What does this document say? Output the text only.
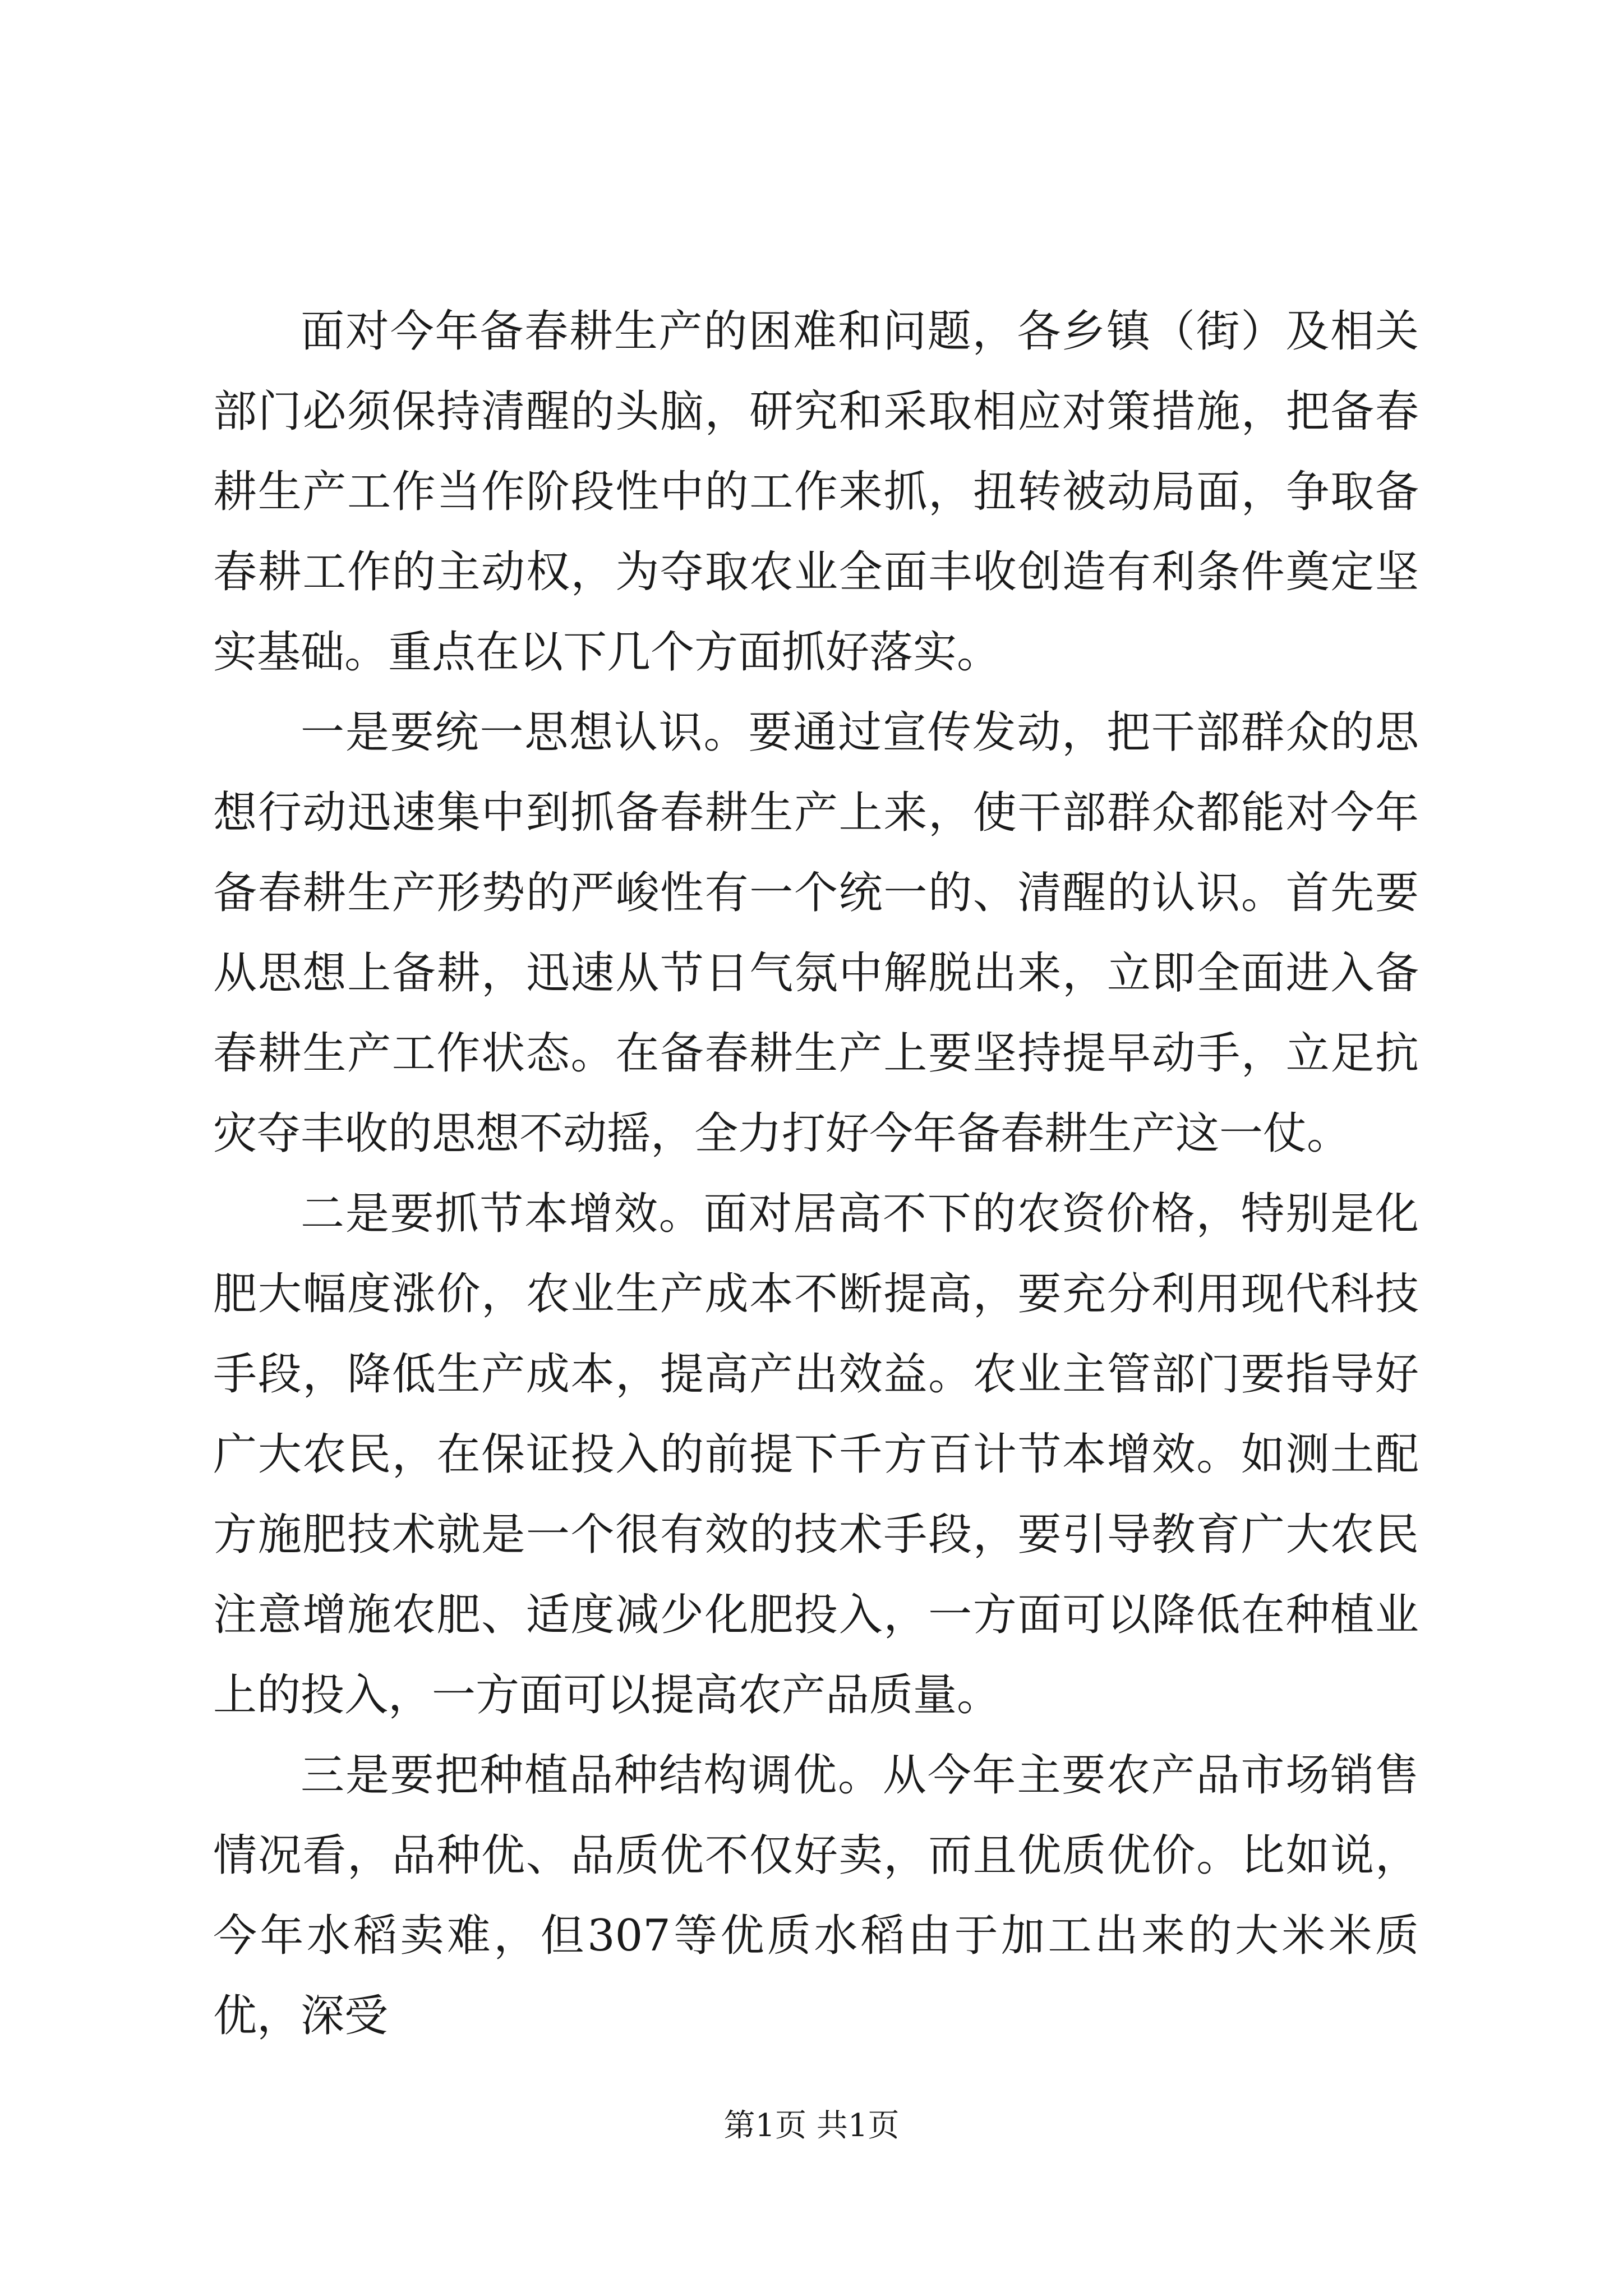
面对今年备春耕生产的困难和问题，各乡镇（街）及相关部门必须保持清醒的头脑，研究和采取相应对策措施，把备春耕生产工作当作阶段性中的工作来抓，扭转被动局面，争取备春耕工作的主动权，为夺取农业全面丰收创造有利条件奠定坚实基础。重点在以下几个方面抓好落实。

一是要统一思想认识。要通过宣传发动，把干部群众的思想行动迅速集中到抓备春耕生产上来，使干部群众都能对今年备春耕生产形势的严峻性有一个统一的、清醒的认识。首先要从思想上备耕，迅速从节日气氛中解脱出来，立即全面进入备春耕生产工作状态。在备春耕生产上要坚持提早动手，立足抗灾夺丰收的思想不动摇，全力打好今年备春耕生产这一仗。

二是要抓节本增效。面对居高不下的农资价格，特别是化肥大幅度涨价，农业生产成本不断提高，要充分利用现代科技手段，降低生产成本，提高产出效益。农业主管部门要指导好广大农民，在保证投入的前提下千方百计节本增效。如测土配方施肥技术就是一个很有效的技术手段，要引导教育广大农民注意增施农肥、适度减少化肥投入，一方面可以降低在种植业上的投入，一方面可以提高农产品质量。

三是要把种植品种结构调优。从今年主要农产品市场销售情况看，品种优、品质优不仅好卖，而且优质优价。比如说，今年水稻卖难，但307等优质水稻由于加工出来的大米米质优，深受

第1页 共1页
